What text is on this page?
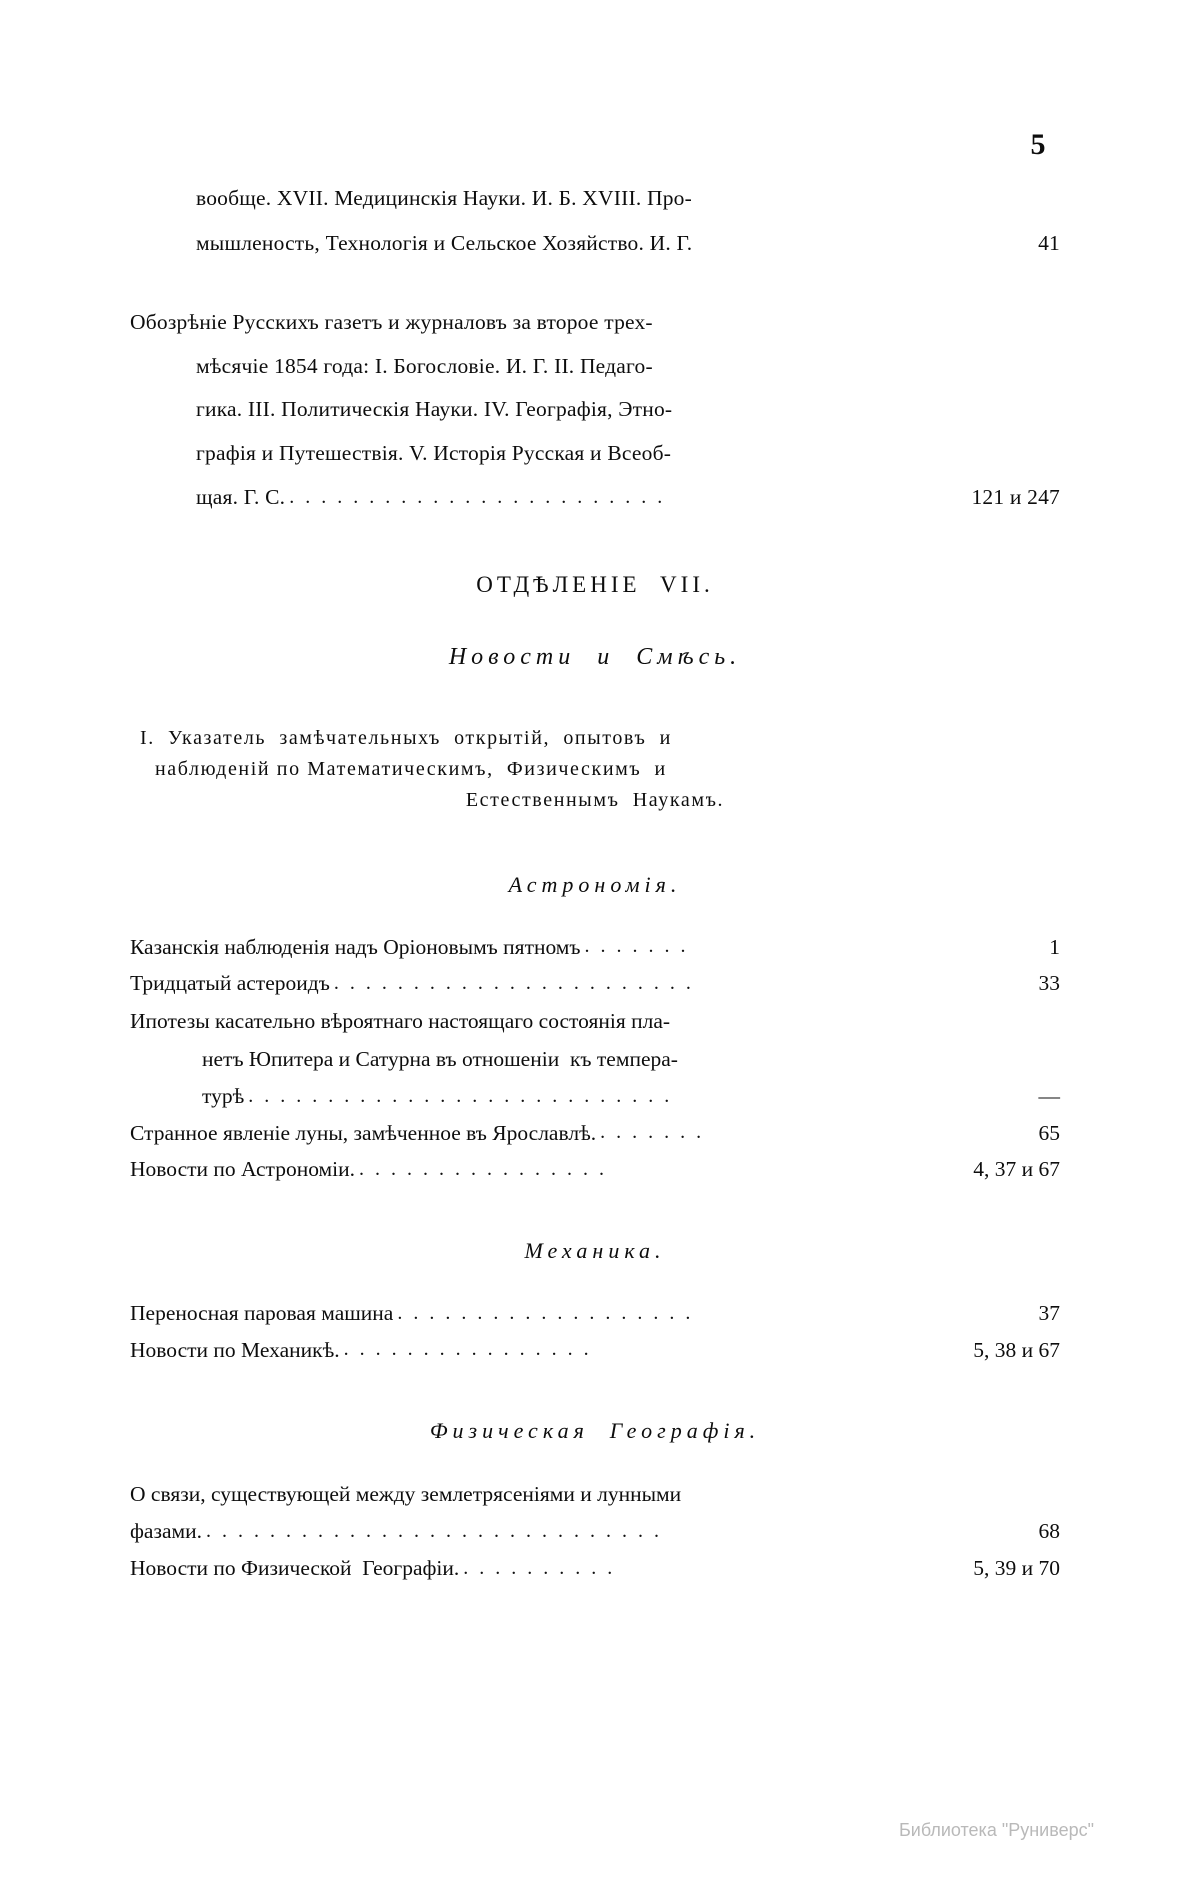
5
вообще. XVII. Медицинскія Науки. И. Б. XVIII. Про-
мышленость, Технологія и Сельское Хозяйство. И. Г.
	41
Обозрѣніе Русскихъ газетъ и журналовъ за второе трех-
мѣсячіе 1854 года: I. Богословіе. И. Г. II. Педаго-
гика. III. Политическія Науки. IV. Географія, Этно-
графія и Путешествія. V. Исторія Русская и Всеоб-
щая. Г. С. . . . . . . . . . . . . . . . . . . . . . . . .	121 и 247
ОТДѢЛЕНІЕ  VII.
Новости  и  Смѣсь.
I.  Указатель  замѣчательныхъ  открытій,  опытовъ  и
наблюденій по Математическимъ,  Физическимъ  и
Естественнымъ  Наукамъ.
Астрономія.
Казанскія наблюденія надъ Оріоновымъ пятномъ . . . . . . .	1
Тридцатый астероидъ . . . . . . . . . . . . . . . . . . . . . . .	33
Ипотезы касательно вѣроятнаго настоящаго состоянія пла-
нетъ Юпитера и Сатурна въ отношеніи  къ темпера-
турѣ . . . . . . . . . . . . . . . . . . . . . . . . . . .	—
Странное явленіе луны, замѣченное въ Ярославлѣ. . . . . . . .	65
Новости по Астрономіи. . . . . . . . . . . . . . . . .	4, 37 и 67
Механика.
Переносная паровая машина . . . . . . . . . . . . . . . . . . .	37
Новости по Механикѣ. . . . . . . . . . . . . . . . .	5, 38 и 67
Физическая  Географія.
О связи, существующей между землетрясеніями и лунными
фазами. . . . . . . . . . . . . . . . . . . . . . . . . . . . . .	68
Новости по Физической  Географіи. . . . . . . . . . .	5, 39 и 70
Библиотека "Руниверс"
